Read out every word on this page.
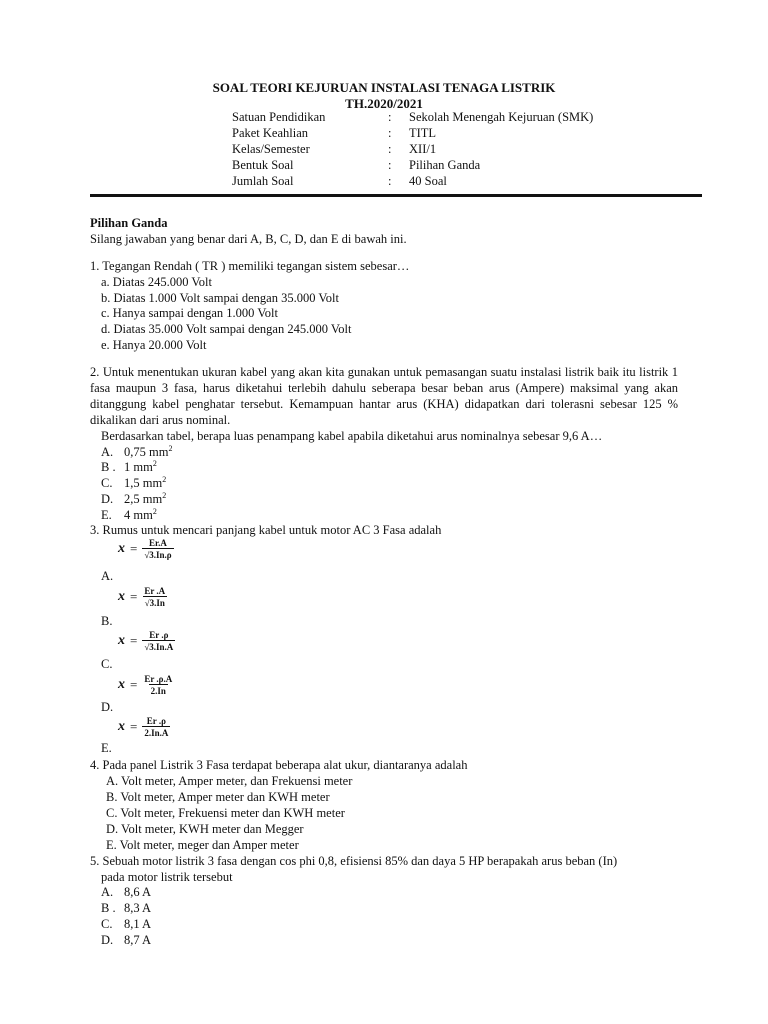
SOAL TEORI KEJURUAN INSTALASI TENAGA LISTRIK
TH.2020/2021
Satuan Pendidikan	: Sekolah Menengah Kejuruan (SMK)
Paket Keahlian	: TITL
Kelas/Semester	: XII/1
Bentuk Soal	: Pilihan Ganda
Jumlah Soal	: 40 Soal
Pilihan Ganda
Silang jawaban yang benar dari A, B, C, D, dan E di bawah ini.
1. Tegangan Rendah ( TR ) memiliki tegangan sistem sebesar…
a. Diatas 245.000 Volt
b. Diatas 1.000 Volt sampai dengan 35.000 Volt
c. Hanya sampai dengan 1.000 Volt
d. Diatas 35.000 Volt sampai dengan 245.000 Volt
e. Hanya 20.000 Volt
2. Untuk menentukan ukuran kabel yang akan kita gunakan untuk pemasangan suatu instalasi listrik baik itu listrik 1 fasa maupun 3 fasa, harus diketahui terlebih dahulu seberapa besar beban arus (Ampere) maksimal yang akan ditanggung kabel penghatar tersebut. Kemampuan hantar arus (KHA) didapatkan dari tolerasni sebesar 125 % dikalikan dari arus nominal.
Berdasarkan tabel, berapa luas penampang kabel apabila diketahui arus nominalnya sebesar 9,6 A…
A. 0,75 $mm^2$
B . 1 $mm^2$
C. 1,5 $mm^2$
D. 2,5 $mm^2$
E. 4 $mm^2$
3. Rumus untuk mencari panjang kabel untuk motor AC 3 Fasa adalah
$x = \frac{Er.A}{√3.In.\rho}$
A.
$x = \frac{Er .A}{√3.In}$
B.
$x = \frac{Er .\rho}{√3.In.A}$
C.
$x = \frac{Er .\rho.A}{2.In}$
D.
$x = \frac{Er .\rho}{2.In.A}$
E.
4. Pada panel Listrik 3 Fasa terdapat beberapa alat ukur, diantaranya adalah
A. Volt meter, Amper meter, dan Frekuensi meter
B. Volt meter, Amper meter dan KWH meter
C. Volt meter, Frekuensi meter dan KWH meter
D. Volt meter, KWH meter dan Megger
E. Volt meter, meger dan Amper meter
5. Sebuah motor listrik 3 fasa dengan cos phi 0,8, efisiensi 85% dan daya 5 HP berapakah arus beban (In)
pada motor listrik tersebut
A. 8,6 A
B . 8,3 A
C. 8,1 A
D. 8,7 A
